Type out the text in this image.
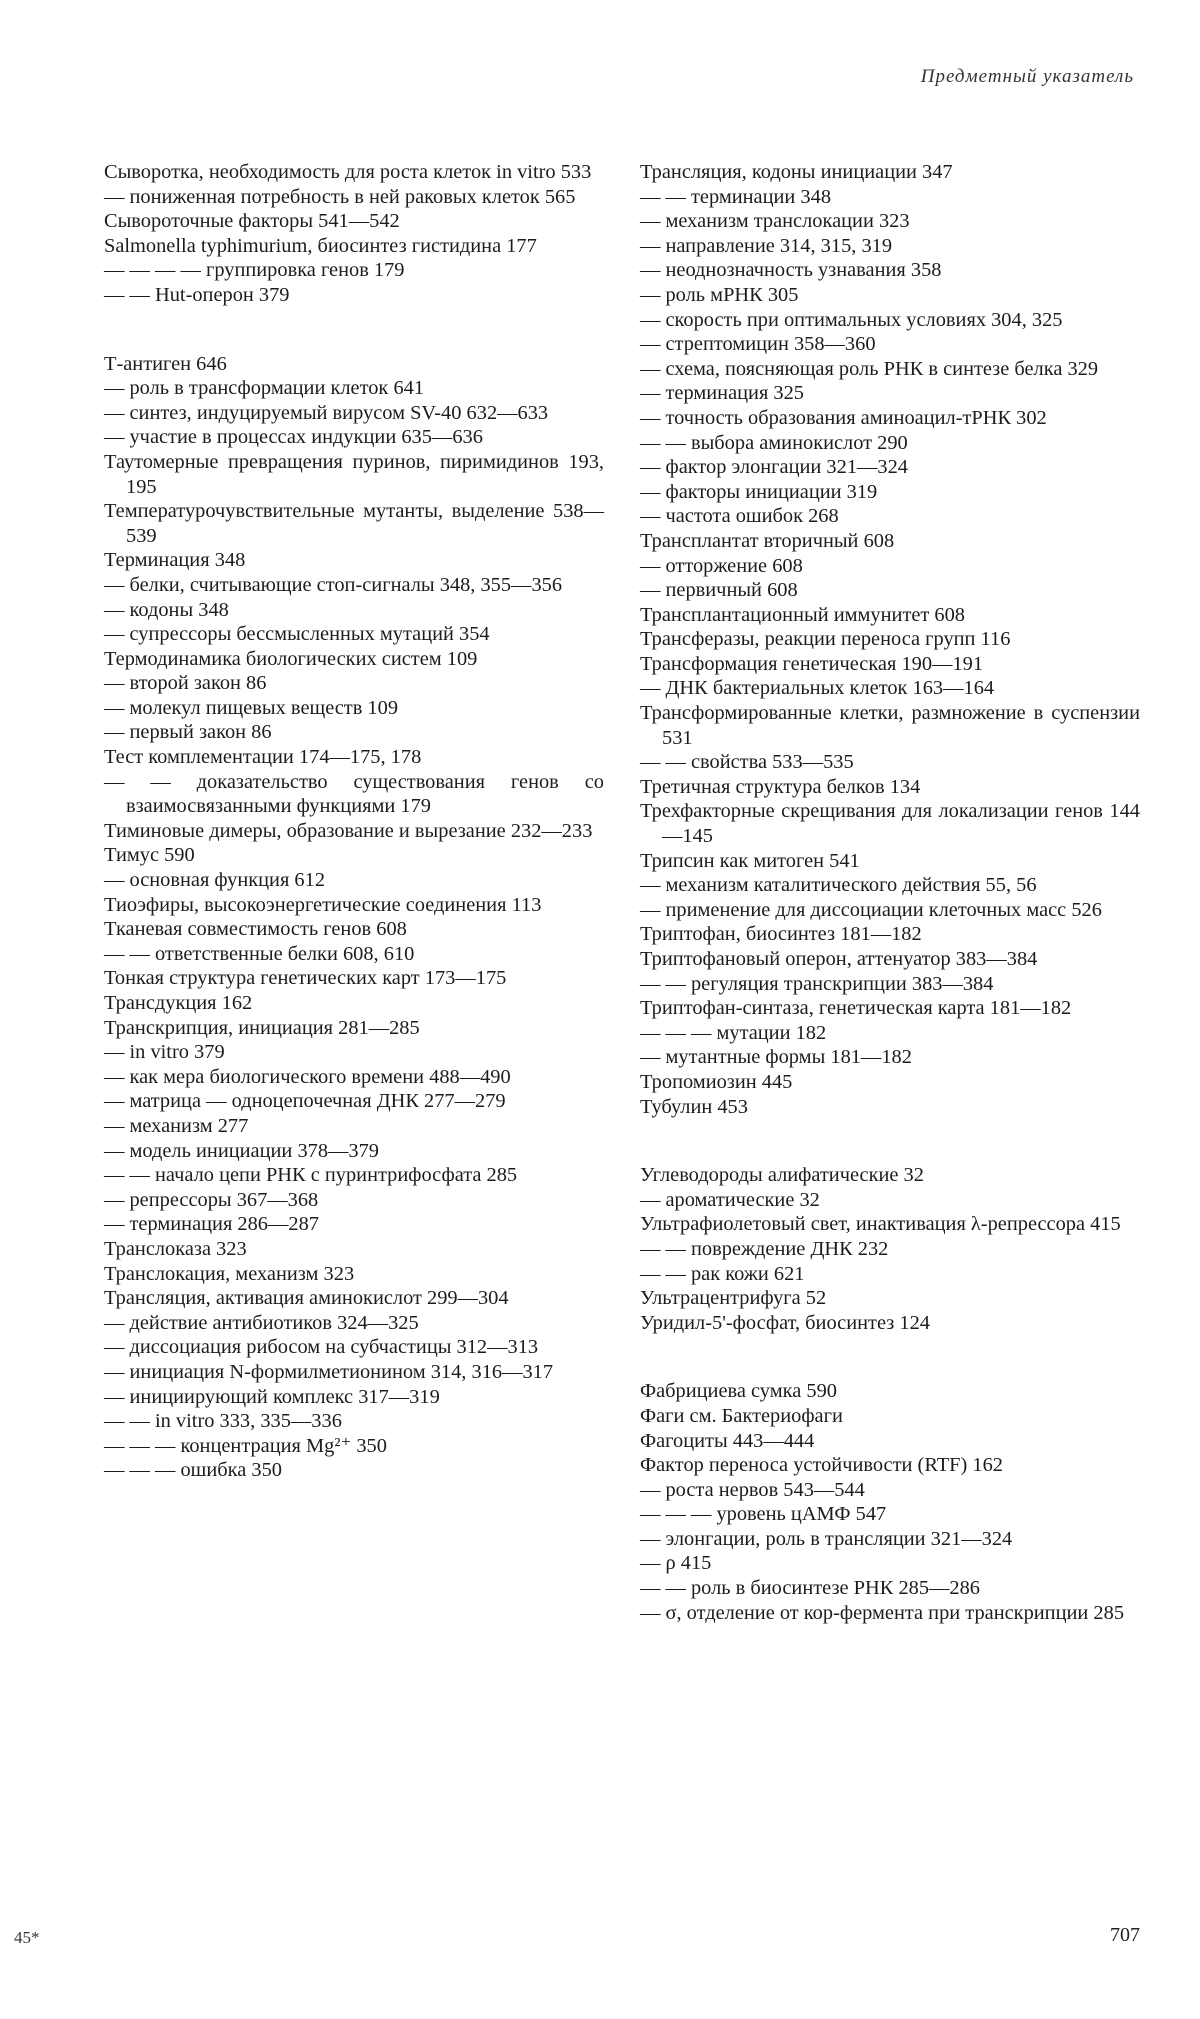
Предметный указатель
Сыворотка, необходимость для роста клеток in vitro 533
— пониженная потребность в ней раковых клеток 565
Сывороточные факторы 541—542
Salmonella typhimurium, биосинтез гистидина 177
— — — — группировка генов 179
— — Hut-оперон 379
Т-антиген 646
— роль в трансформации клеток 641
— синтез, индуцируемый вирусом SV-40 632—633
— участие в процессах индукции 635—636
Таутомерные превращения пуринов, пиримидинов 193, 195
Температурочувствительные мутанты, выделение 538—539
Терминация 348
— белки, считывающие стоп-сигналы 348, 355—356
— кодоны 348
— супрессоры бессмысленных мутаций 354
Термодинамика биологических систем 109
— второй закон 86
— молекул пищевых веществ 109
— первый закон 86
Тест комплементации 174—175, 178
— — доказательство существования генов со взаимосвязанными функциями 179
Тиминовые димеры, образование и вырезание 232—233
Тимус 590
— основная функция 612
Тиоэфиры, высокоэнергетические соединения 113
Тканевая совместимость генов 608
— — ответственные белки 608, 610
Тонкая структура генетических карт 173—175
Трансдукция 162
Транскрипция, инициация 281—285
— in vitro 379
— как мера биологического времени 488—490
— матрица — одноцепочечная ДНК 277—279
— механизм 277
— модель инициации 378—379
— — начало цепи РНК с пуринтрифосфата 285
— репрессоры 367—368
— терминация 286—287
Транслоказа 323
Транслокация, механизм 323
Трансляция, активация аминокислот 299—304
— действие антибиотиков 324—325
— диссоциация рибосом на субчастицы 312—313
— инициация N-формилметионином 314, 316—317
— инициирующий комплекс 317—319
— — in vitro 333, 335—336
— — — концентрация Mg²⁺ 350
— — — ошибка 350
Трансляция, кодоны инициации 347
— — терминации 348
— механизм транслокации 323
— направление 314, 315, 319
— неоднозначность узнавания 358
— роль мРНК 305
— скорость при оптимальных условиях 304, 325
— стрептомицин 358—360
— схема, поясняющая роль РНК в синтезе белка 329
— терминация 325
— точность образования аминоацил-тРНК 302
— — выбора аминокислот 290
— фактор элонгации 321—324
— факторы инициации 319
— частота ошибок 268
Трансплантат вторичный 608
— отторжение 608
— первичный 608
Трансплантационный иммунитет 608
Трансферазы, реакции переноса групп 116
Трансформация генетическая 190—191
— ДНК бактериальных клеток 163—164
Трансформированные клетки, размножение в суспензии 531
— — свойства 533—535
Третичная структура белков 134
Трехфакторные скрещивания для локализации генов 144—145
Трипсин как митоген 541
— механизм каталитического действия 55, 56
— применение для диссоциации клеточных масс 526
Триптофан, биосинтез 181—182
Триптофановый оперон, аттенуатор 383—384
— — регуляция транскрипции 383—384
Триптофан-синтаза, генетическая карта 181—182
— — — мутации 182
— мутантные формы 181—182
Тропомиозин 445
Тубулин 453
Углеводороды алифатические 32
— ароматические 32
Ультрафиолетовый свет, инактивация λ-репрессора 415
— — повреждение ДНК 232
— — рак кожи 621
Ультрацентрифуга 52
Уридил-5'-фосфат, биосинтез 124
Фабрициева сумка 590
Фаги см. Бактериофаги
Фагоциты 443—444
Фактор переноса устойчивости (RTF) 162
— роста нервов 543—544
— — — уровень цАМФ 547
— элонгации, роль в трансляции 321—324
— ρ 415
— — роль в биосинтезе РНК 285—286
— σ, отделение от кор-фермента при транскрипции 285
45*	707
